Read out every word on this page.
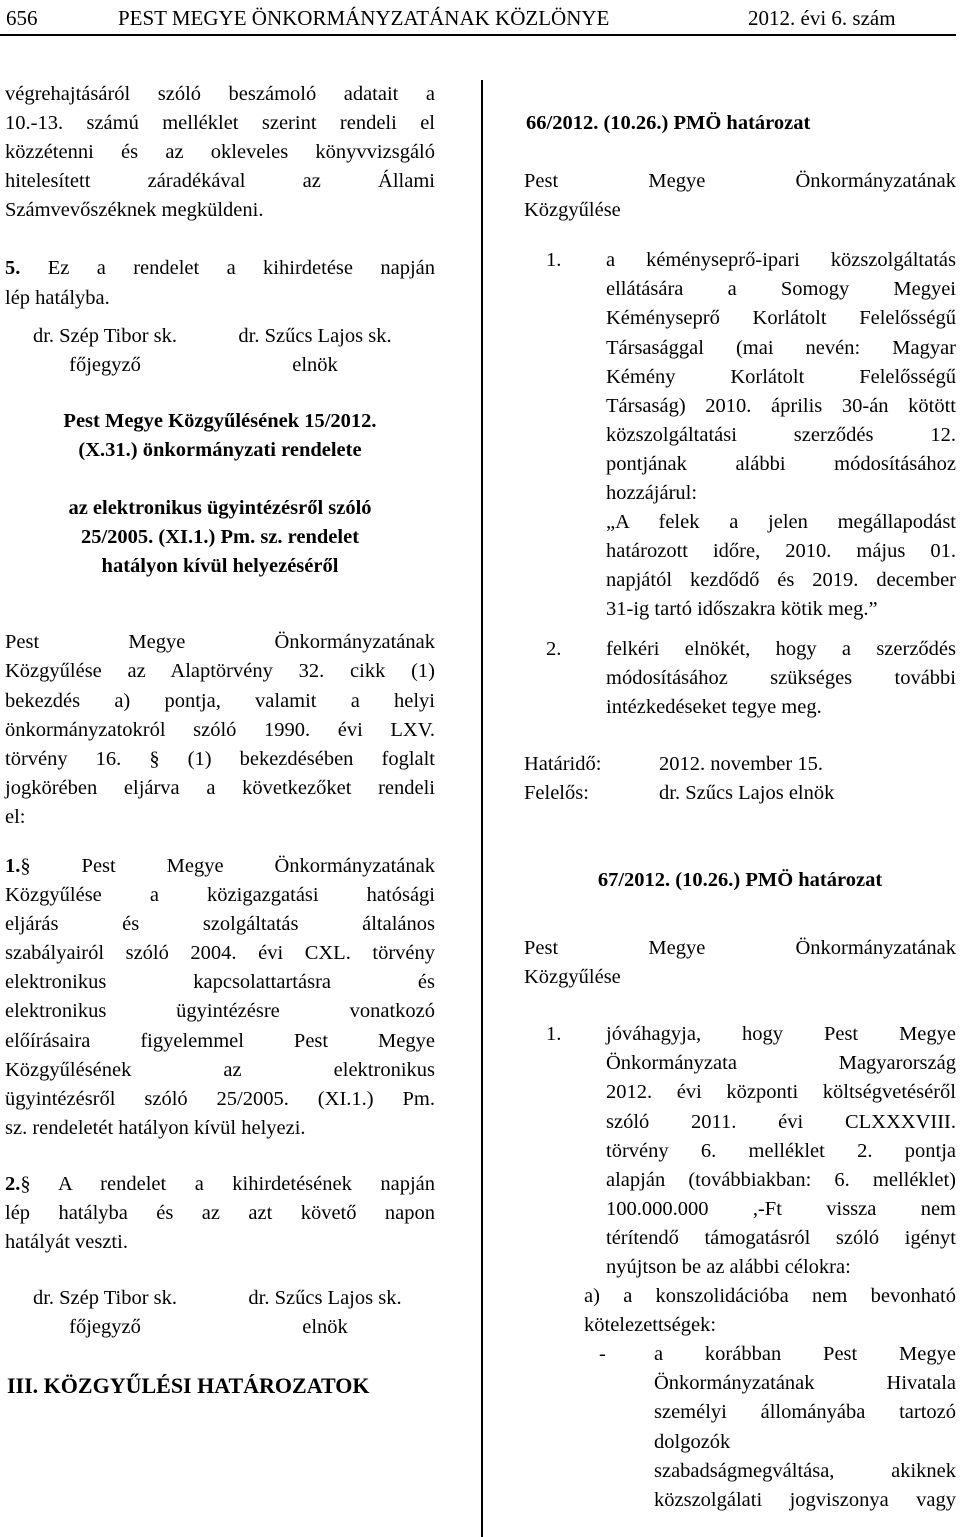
656

	PEST MEGYE ÖNKORMÁNYZATÁNAK KÖZLÖNYE

	2012. évi 6. szám

végrehajtásáról szóló beszámoló adatait a
10.-13. számú melléklet szerint rendeli el
közzétenni és az okleveles könyvvizsgáló
hitelesített záradékával az Állami
Számvevőszéknek megküldeni.
5. Ez a rendelet a kihirdetése napján
lép hatályba.
dr. Szép Tibor sk.
főjegyző
dr. Szűcs Lajos sk.
elnök
Pest Megye Közgyűlésének 15/2012.
(X.31.) önkormányzati rendelete
az elektronikus ügyintézésről szóló
25/2005. (XI.1.) Pm. sz. rendelet
hatályon kívül helyezéséről
Pest Megye Önkormányzatának
Közgyűlése az Alaptörvény 32. cikk (1)
bekezdés a) pontja, valamit a helyi
önkormányzatokról szóló 1990. évi LXV.
törvény 16. § (1) bekezdésében foglalt
jogkörében eljárva a következőket rendeli
el:
1.§ Pest Megye Önkormányzatának
Közgyűlése a közigazgatási hatósági
eljárás és szolgáltatás általános
szabályairól szóló 2004. évi CXL. törvény
elektronikus kapcsolattartásra és
elektronikus ügyintézésre vonatkozó
előírásaira figyelemmel Pest Megye
Közgyűlésének az elektronikus
ügyintézésről szóló 25/2005. (XI.1.) Pm.
sz. rendeletét hatályon kívül helyezi.
2.§ A rendelet a kihirdetésének napján
lép hatályba és az azt követő napon
hatályát veszti.
dr. Szép Tibor sk.
főjegyző
dr. Szűcs Lajos sk.
elnök
III. KÖZGYŰLÉSI HATÁROZATOK
66/2012. (10.26.) PMÖ határozat
Pest Megye Önkormányzatának
Közgyűlése
1.	a kéményseprő-ipari közszolgáltatás
ellátására a Somogy Megyei
Kéményseprő Korlátolt Felelősségű
Társasággal (mai nevén: Magyar
Kémény Korlátolt Felelősségű
Társaság) 2010. április 30-án kötött
közszolgáltatási szerződés 12.
pontjának alábbi módosításához
hozzájárul:
„A felek a jelen megállapodást
határozott időre, 2010. május 01.
napjától kezdődő és 2019. december
31-ig tartó időszakra kötik meg.”
2.	felkéri elnökét, hogy a szerződés
módosításához szükséges további
intézkedéseket tegye meg.
Határidő:	2012. november 15.
Felelős:	dr. Szűcs Lajos elnök
67/2012. (10.26.) PMÖ határozat
Pest Megye Önkormányzatának
Közgyűlése
1.	jóváhagyja, hogy Pest Megye
Önkormányzata Magyarország
2012. évi központi költségvetéséről
szóló 2011. évi CLXXXVIII.
törvény 6. melléklet 2. pontja
alapján (továbbiakban: 6. melléklet)
100.000.000 ,-Ft vissza nem
térítendő támogatásról szóló igényt
nyújtson be az alábbi célokra:
a) a konszolidációba nem bevonható
kötelezettségek:
-	a korábban Pest Megye
Önkormányzatának Hivatala
személyi állományába tartozó
dolgozók
szabadságmegváltása, akiknek
közszolgálati jogviszonya vagy
